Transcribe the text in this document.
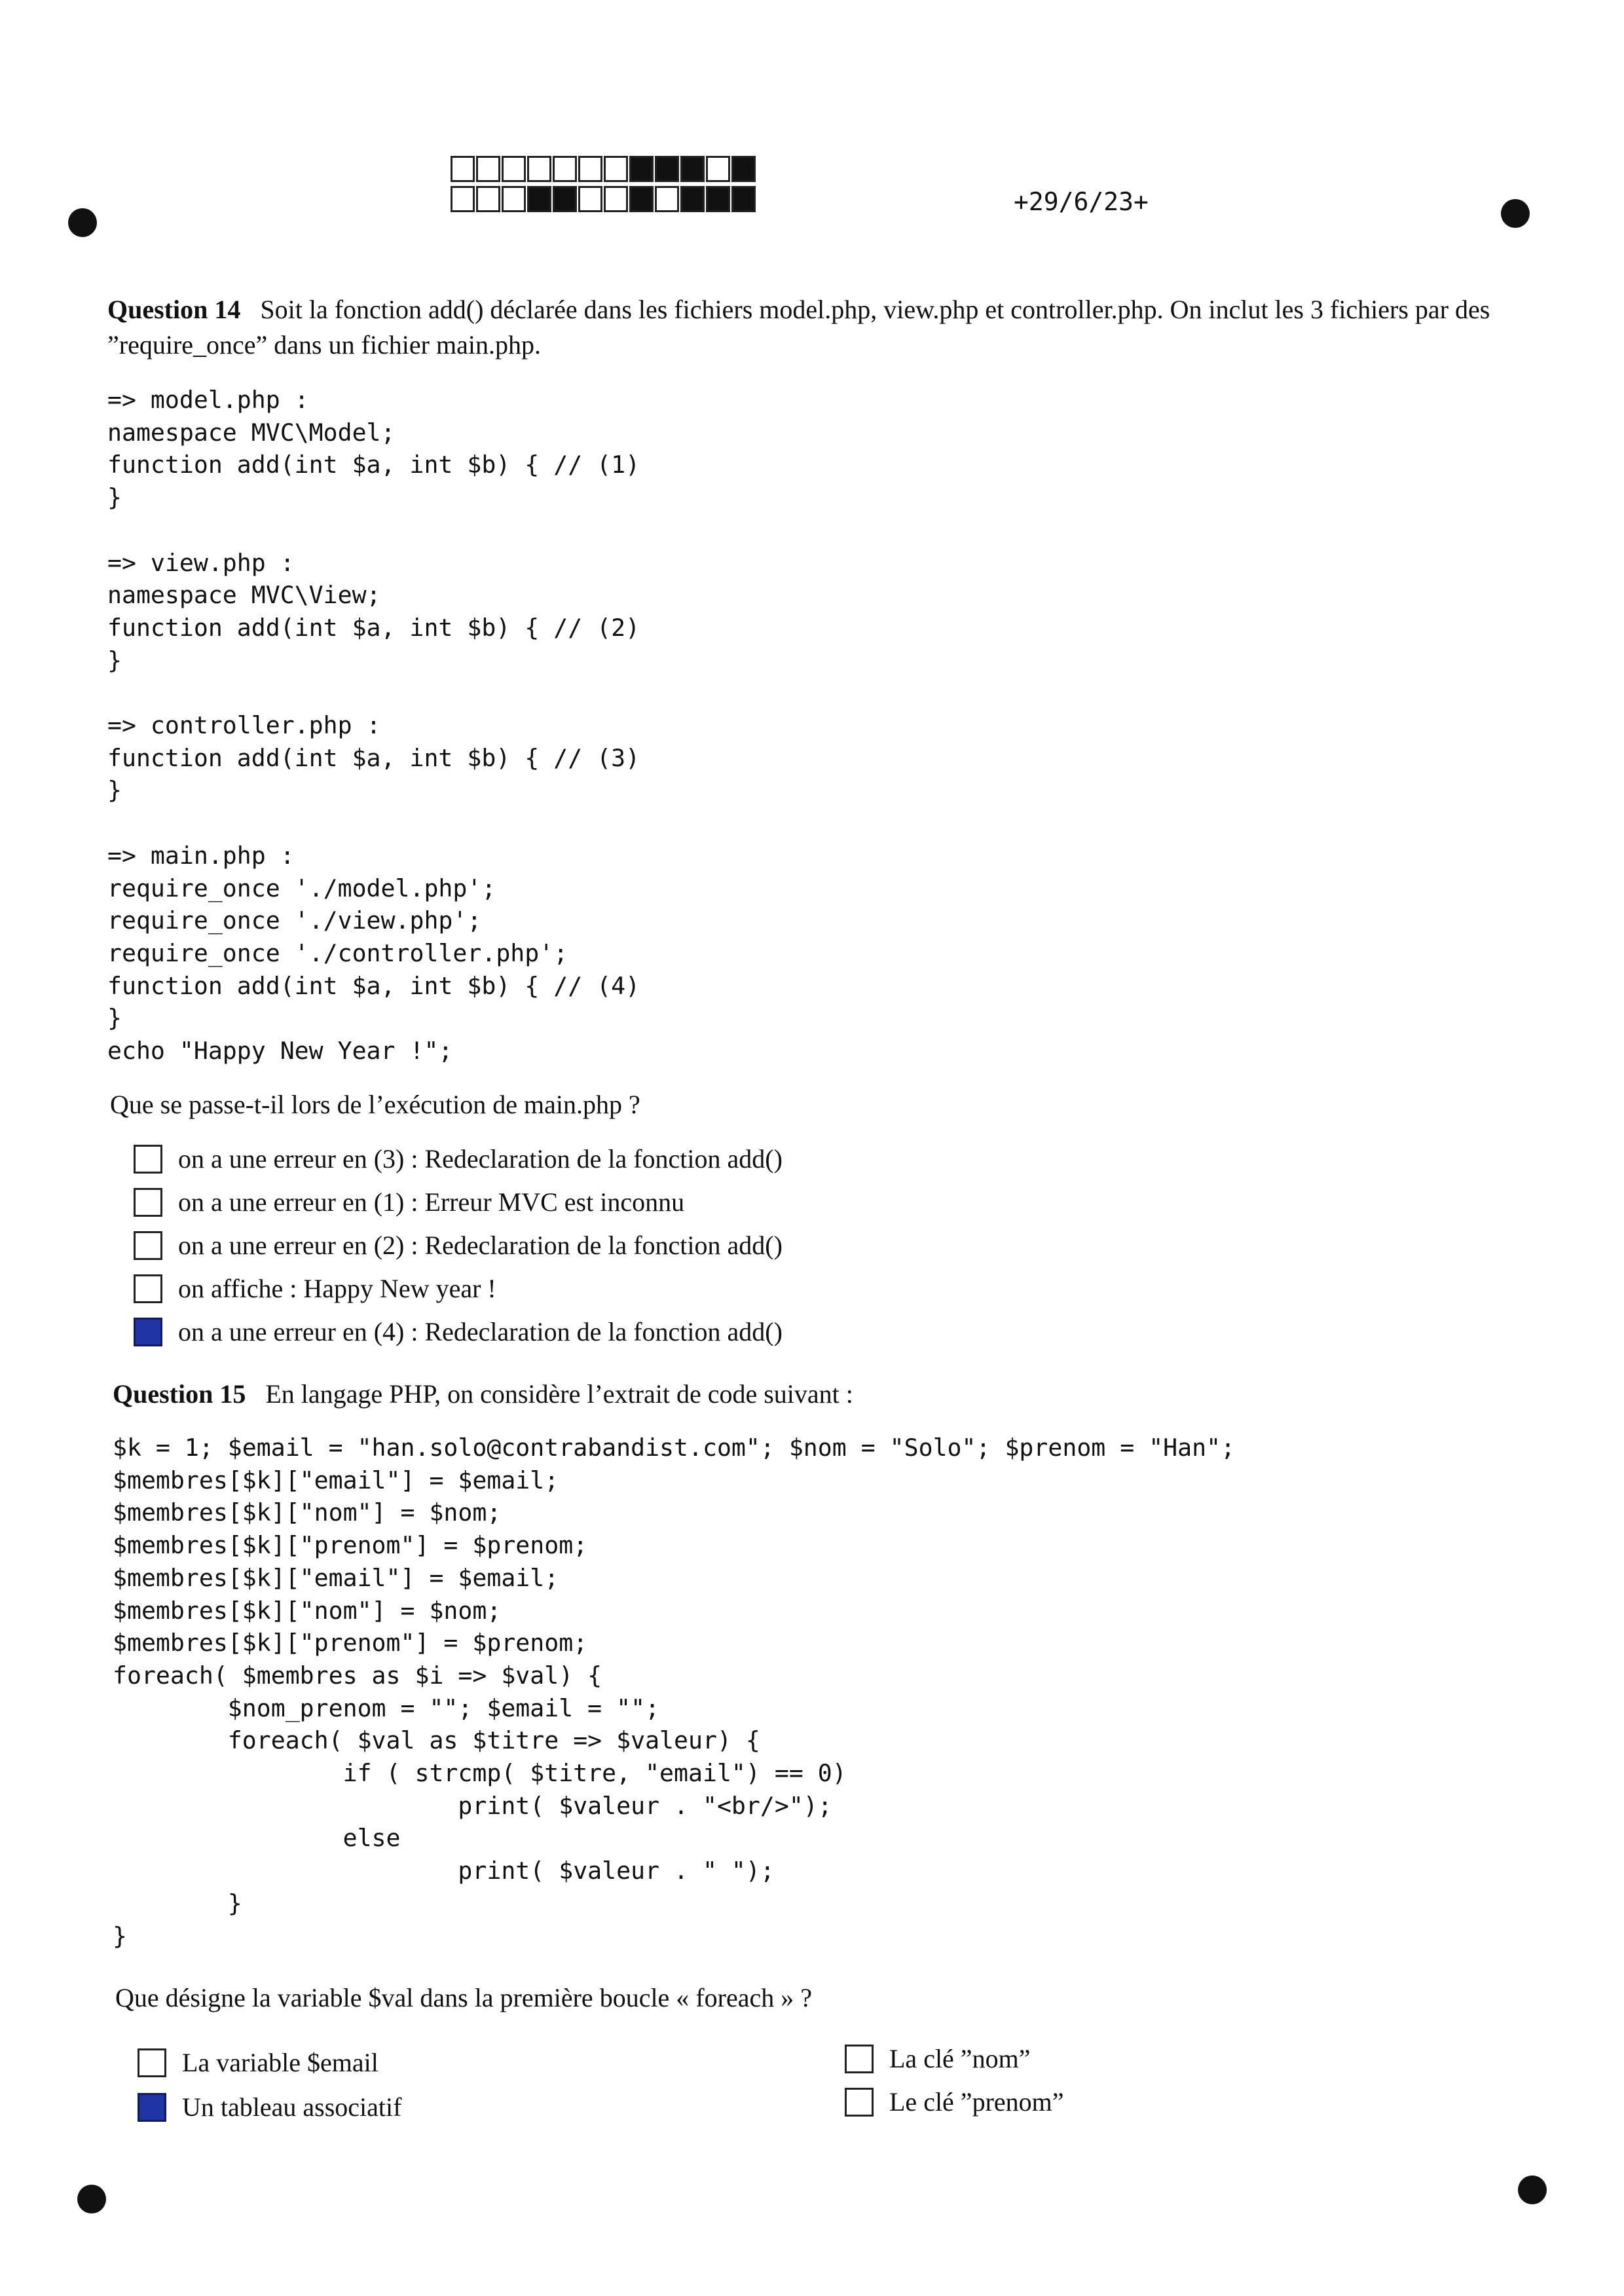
+29/6/23+
Question 14 Soit la fonction add() déclarée dans les fichiers model.php, view.php et controller.php. On inclut les 3 fichiers par des ”require_once” dans un fichier main.php.
=> model.php :
namespace MVC\Model;
function add(int $a, int $b) { // (1)
}

=> view.php :
namespace MVC\View;
function add(int $a, int $b) { // (2)
}

=> controller.php :
function add(int $a, int $b) { // (3)
}

=> main.php :
require_once './model.php';
require_once './view.php';
require_once './controller.php';
function add(int $a, int $b) { // (4)
}
echo "Happy New Year !";
Que se passe-t-il lors de l’exécution de main.php ?
on a une erreur en (3) : Redeclaration de la fonction add()
on a une erreur en (1) : Erreur MVC est inconnu
on a une erreur en (2) : Redeclaration de la fonction add()
on affiche : Happy New year !
on a une erreur en (4) : Redeclaration de la fonction add()
Question 15 En langage PHP, on considère l’extrait de code suivant :
$k = 1; $email = "han.solo@contrabandist.com"; $nom = "Solo"; $prenom = "Han";
$membres[$k]["email"] = $email;
$membres[$k]["nom"] = $nom;
$membres[$k]["prenom"] = $prenom;
$membres[$k]["email"] = $email;
$membres[$k]["nom"] = $nom;
$membres[$k]["prenom"] = $prenom;
foreach( $membres as $i => $val) {
$nom_prenom = ""; $email = "";
foreach( $val as $titre => $valeur) {
if ( strcmp( $titre, "email") == 0)
print( $valeur . "<br/>");
else
print( $valeur . " ");
}
}
Que désigne la variable $val dans la première boucle « foreach » ?
La variable $email
Un tableau associatif
La clé ”nom”
Le clé ”prenom”
